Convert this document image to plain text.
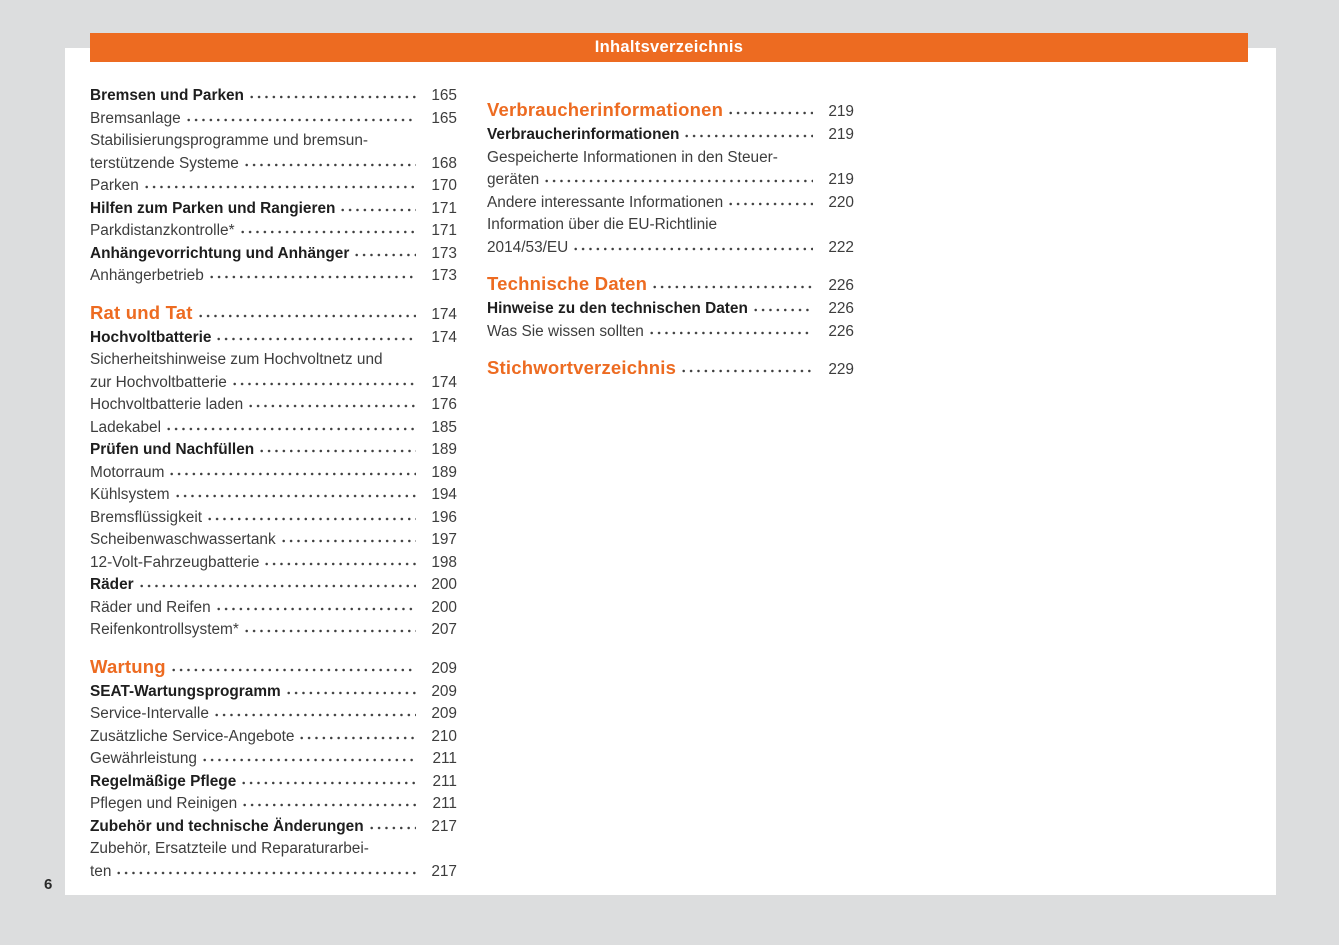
Inhaltsverzeichnis
Bremsen und Parken	165
Bremsanlage	165
Stabilisierungsprogramme und bremsun-
terstützende Systeme	168
Parken	170
Hilfen zum Parken und Rangieren	171
Parkdistanzkontrolle*	171
Anhängevorrichtung und Anhänger	173
Anhängerbetrieb	173
Rat und Tat	174
Hochvoltbatterie	174
Sicherheitshinweise zum Hochvoltnetz und
zur Hochvoltbatterie	174
Hochvoltbatterie laden	176
Ladekabel	185
Prüfen und Nachfüllen	189
Motorraum	189
Kühlsystem	194
Bremsflüssigkeit	196
Scheibenwaschwassertank	197
12-Volt-Fahrzeugbatterie	198
Räder	200
Räder und Reifen	200
Reifenkontrollsystem*	207
Wartung	209
SEAT-Wartungsprogramm	209
Service-Intervalle	209
Zusätzliche Service-Angebote	210
Gewährleistung	211
Regelmäßige Pflege	211
Pflegen und Reinigen	211
Zubehör und technische Änderungen	217
Zubehör, Ersatzteile und Reparaturarbei-
ten	217
Verbraucherinformationen	219
Verbraucherinformationen	219
Gespeicherte Informationen in den Steuer-
geräten	219
Andere interessante Informationen	220
Information über die EU-Richtlinie
2014/53/EU	222
Technische Daten	226
Hinweise zu den technischen Daten	226
Was Sie wissen sollten	226
Stichwortverzeichnis	229
6
